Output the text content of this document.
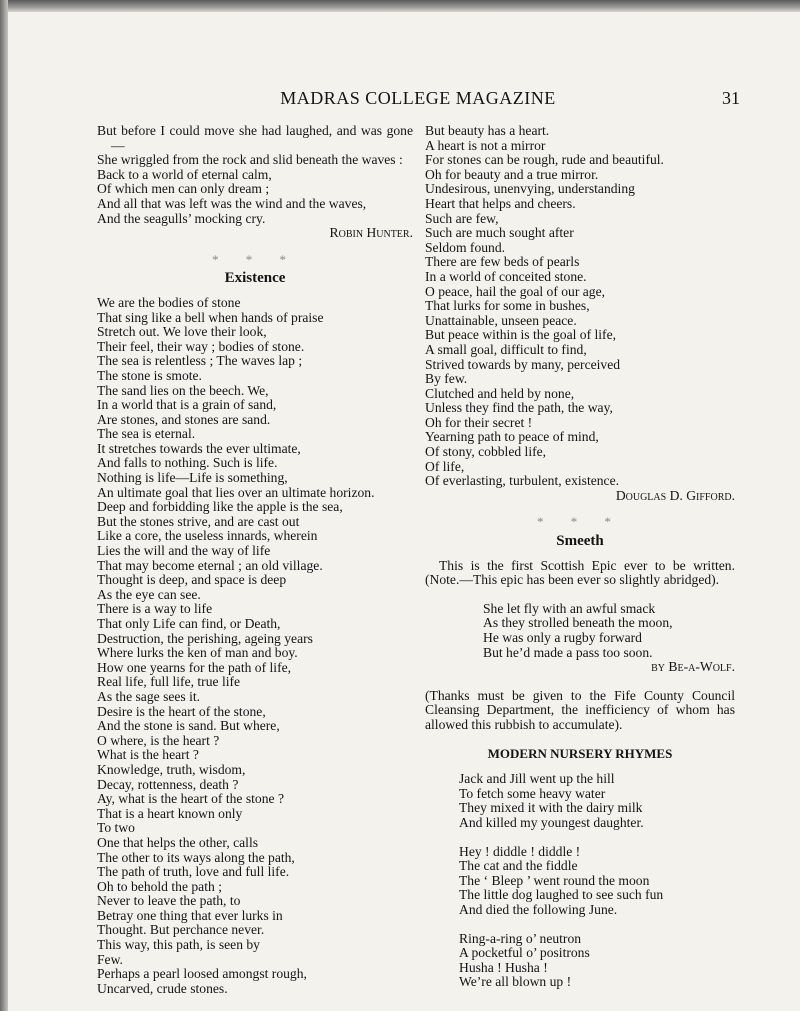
MADRAS COLLEGE MAGAZINE	31

But before I could move she had laughed, and was gone—

She wriggled from the rock and slid beneath the waves :

Back to a world of eternal calm,

Of which men can only dream ;

And all that was left was the wind and the waves,

And the seagulls’ mocking cry.

Robin Hunter.

* * *
Existence

We are the bodies of stone

That sing like a bell when hands of praise

Stretch out. We love their look,

Their feel, their way ; bodies of stone.

The sea is relentless ; The waves lap ;

The stone is smote.

The sand lies on the beech. We,

In a world that is a grain of sand,

Are stones, and stones are sand.

The sea is eternal.

It stretches towards the ever ultimate,

And falls to nothing. Such is life.

Nothing is life—Life is something,

An ultimate goal that lies over an ultimate horizon.

Deep and forbidding like the apple is the sea,

But the stones strive, and are cast out

Like a core, the useless innards, wherein

Lies the will and the way of life

That may become eternal ; an old village.

Thought is deep, and space is deep

As the eye can see.

There is a way to life

That only Life can find, or Death,

Destruction, the perishing, ageing years

Where lurks the ken of man and boy.

How one yearns for the path of life,

Real life, full life, true life

As the sage sees it.

Desire is the heart of the stone,

And the stone is sand. But where,

O where, is the heart ?

What is the heart ?

Knowledge, truth, wisdom,

Decay, rottenness, death ?

Ay, what is the heart of the stone ?

That is a heart known only

To two

One that helps the other, calls

The other to its ways along the path,

The path of truth, love and full life.

Oh to behold the path ;

Never to leave the path, to

Betray one thing that ever lurks in

Thought. But perchance never.

This way, this path, is seen by

Few.

Perhaps a pearl loosed amongst rough,

Uncarved, crude stones.

But beauty has a heart.

A heart is not a mirror

For stones can be rough, rude and beautiful.

Oh for beauty and a true mirror.

Undesirous, unenvying, understanding

Heart that helps and cheers.

Such are few,

Such are much sought after

Seldom found.

There are few beds of pearls

In a world of conceited stone.

O peace, hail the goal of our age,

That lurks for some in bushes,

Unattainable, unseen peace.

But peace within is the goal of life,

A small goal, difficult to find,

Strived towards by many, perceived

By few.

Clutched and held by none,

Unless they find the path, the way,

Oh for their secret !

Yearning path to peace of mind,

Of stony, cobbled life,

Of life,

Of everlasting, turbulent, existence.

Douglas D. Gifford.

* * *
Smeeth

This is the first Scottish Epic ever to be written. (Note.—This epic has been ever so slightly abridged).

She let fly with an awful smack

As they strolled beneath the moon,

He was only a rugby forward

But he’d made a pass too soon.

by Be-a-Wolf.

(Thanks must be given to the Fife County Council Cleansing Department, the inefficiency of whom has allowed this rubbish to accumulate).

MODERN NURSERY RHYMES

Jack and Jill went up the hill

To fetch some heavy water

They mixed it with the dairy milk

And killed my youngest daughter.

Hey ! diddle ! diddle !

The cat and the fiddle

The ‘ Bleep ’ went round the moon

The little dog laughed to see such fun

And died the following June.

Ring-a-ring o’ neutron

A pocketful o’ positrons

Husha ! Husha !

We’re all blown up !
